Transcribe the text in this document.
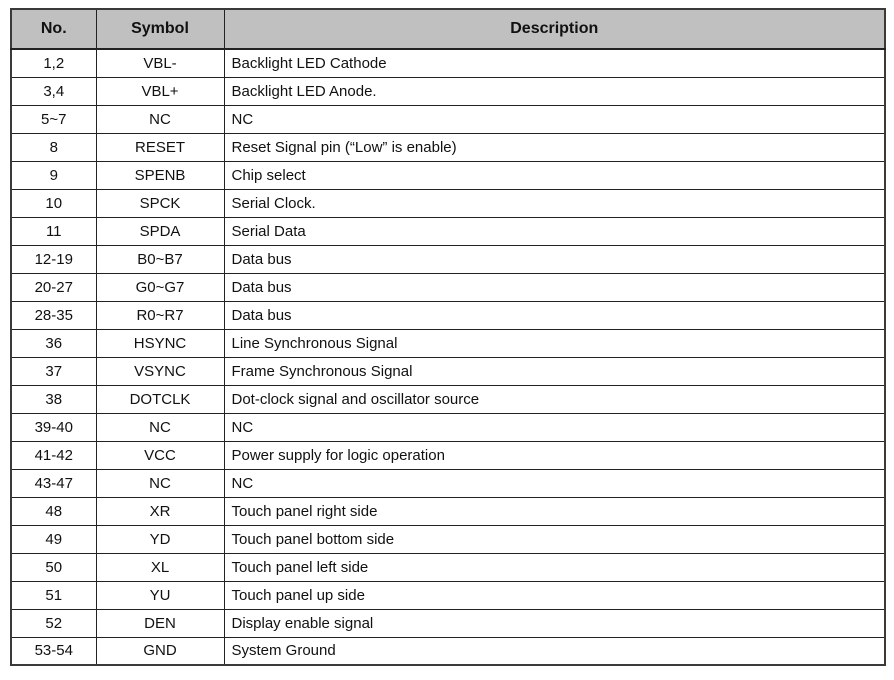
No.	Symbol	Description
1,2	VBL-	Backlight LED Cathode
3,4	VBL+	Backlight LED Anode.
5~7	NC	NC
8	RESET	Reset Signal pin (“Low” is enable)
9	SPENB	Chip select
10	SPCK	Serial Clock.
11	SPDA	Serial Data
12-19	B0~B7	Data bus
20-27	G0~G7	Data bus
28-35	R0~R7	Data bus
36	HSYNC	Line Synchronous Signal
37	VSYNC	Frame Synchronous Signal
38	DOTCLK	Dot-clock signal and oscillator source
39-40	NC	NC
41-42	VCC	Power supply for logic operation
43-47	NC	NC
48	XR	Touch panel right side
49	YD	Touch panel bottom side
50	XL	Touch panel left side
51	YU	Touch panel up side
52	DEN	Display enable signal
53-54	GND	System Ground
